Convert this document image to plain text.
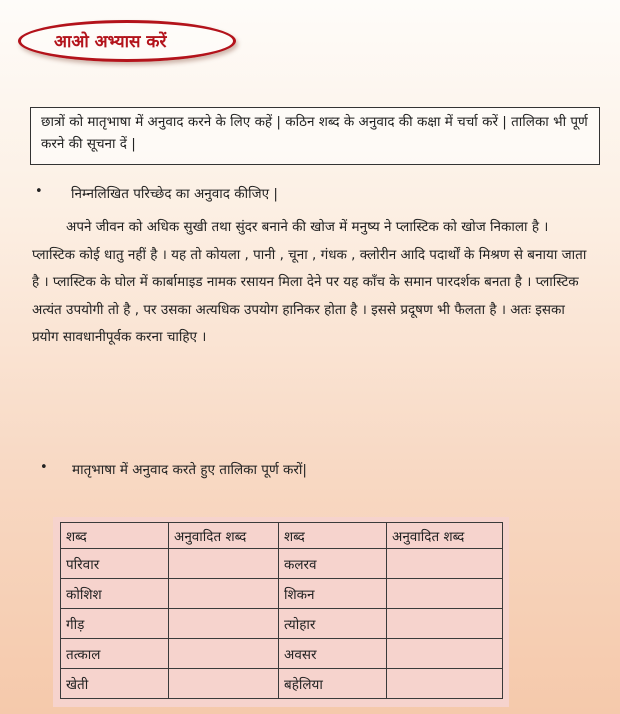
आओ अभ्यास करें
छात्रों को मातृभाषा में अनुवाद करने के लिए कहें | कठिन शब्द के अनुवाद की कक्षा में चर्चा करें | तालिका भी पूर्ण करने की सूचना दें |
• निम्नलिखित परिच्छेद का अनुवाद कीजिए |
अपने जीवन को अधिक सुखी तथा सुंदर बनाने की खोज में मनुष्य ने प्लास्टिक को खोज निकाला है । प्लास्टिक कोई धातु नहीं है । यह तो कोयला , पानी , चूना , गंधक , क्लोरीन आदि पदार्थों के मिश्रण से बनाया जाता है । प्लास्टिक के घोल में कार्बामाइड नामक रसायन मिला देने पर यह काँच के समान पारदर्शक बनता है । प्लास्टिक अत्यंत उपयोगी तो है , पर उसका अत्यधिक उपयोग हानिकर होता है । इससे प्रदूषण भी फैलता है । अतः इसका प्रयोग सावधानीपूर्वक करना चाहिए ।
• मातृभाषा में अनुवाद करते हुए तालिका पूर्ण करों|
शब्द	अनुवादित शब्द	शब्द	अनुवादित शब्द
परिवार		कलरव	
कोशिश		शिकन	
गीड़		त्योहार	
तत्काल		अवसर	
खेती		बहेलिया	
